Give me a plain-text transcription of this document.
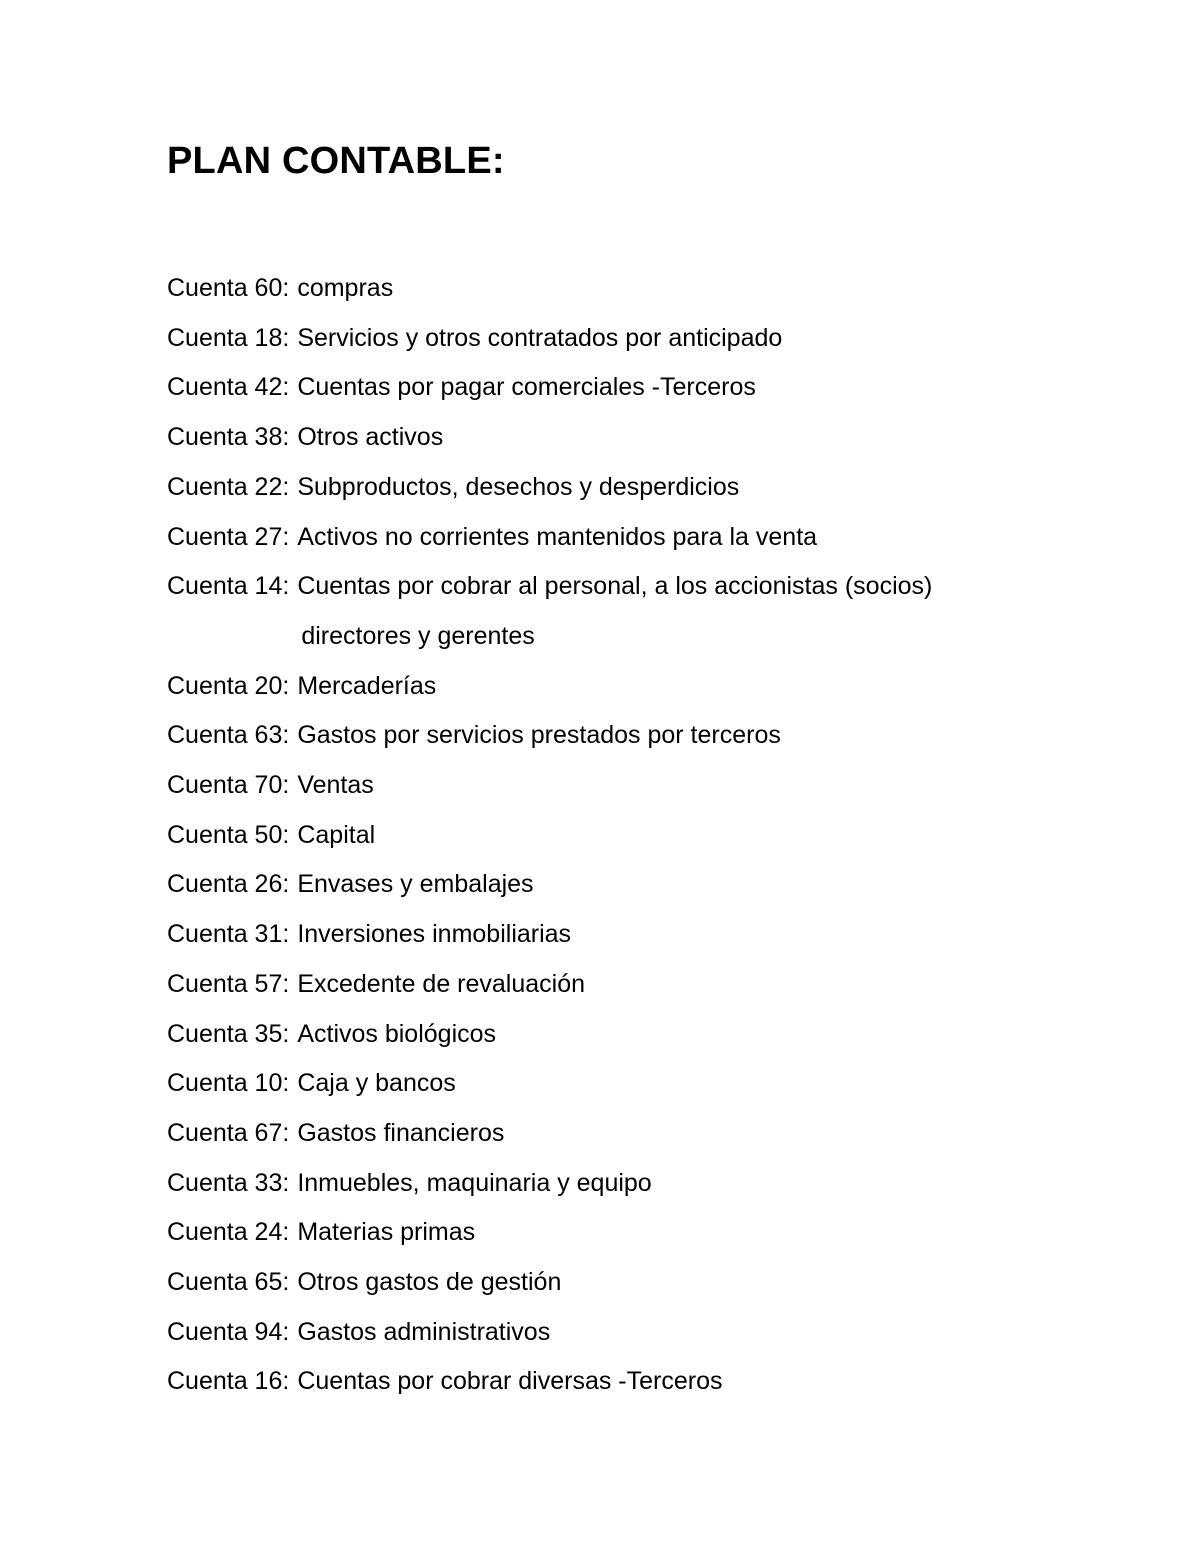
PLAN CONTABLE:
Cuenta 60: compras
Cuenta 18: Servicios y otros contratados por anticipado
Cuenta 42: Cuentas por pagar comerciales -Terceros
Cuenta 38: Otros activos
Cuenta 22: Subproductos, desechos y desperdicios
Cuenta 27: Activos no corrientes mantenidos para la venta
Cuenta 14: Cuentas por cobrar al personal, a los accionistas (socios)
directores y gerentes
Cuenta 20: Mercaderías
Cuenta 63: Gastos por servicios prestados por terceros
Cuenta 70: Ventas
Cuenta 50: Capital
Cuenta 26: Envases y embalajes
Cuenta 31: Inversiones inmobiliarias
Cuenta 57: Excedente de revaluación
Cuenta 35: Activos biológicos
Cuenta 10: Caja y bancos
Cuenta 67: Gastos financieros
Cuenta 33: Inmuebles, maquinaria y equipo
Cuenta 24: Materias primas
Cuenta 65: Otros gastos de gestión
Cuenta 94: Gastos administrativos
Cuenta 16: Cuentas por cobrar diversas -Terceros
